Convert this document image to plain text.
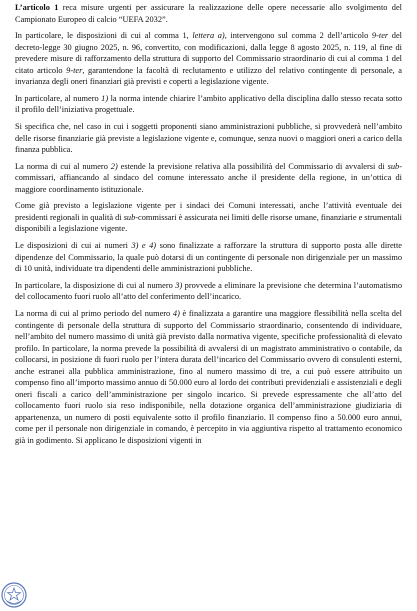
L’articolo 1 reca misure urgenti per assicurare la realizzazione delle opere necessarie allo svolgimento del Campionato Europeo di calcio “UEFA 2032”.

In particolare, le disposizioni di cui al comma 1, lettera a), intervengono sul comma 2 dell’articolo 9-ter del decreto-legge 30 giugno 2025, n. 96, convertito, con modificazioni, dalla legge 8 agosto 2025, n. 119, al fine di prevedere misure di rafforzamento della struttura di supporto del Commissario straordinario di cui al comma 1 del citato articolo 9-ter, garantendone la facoltà di reclutamento e utilizzo del relativo contingente di personale, a invarianza degli oneri finanziari già previsti e coperti a legislazione vigente.

In particolare, al numero 1) la norma intende chiarire l’ambito applicativo della disciplina dallo stesso recata sotto il profilo dell’iniziativa progettuale.

Si specifica che, nel caso in cui i soggetti proponenti siano amministrazioni pubbliche, si provvederà nell’ambito delle risorse finanziarie già previste a legislazione vigente e, comunque, senza nuovi o maggiori oneri a carico della finanza pubblica.

La norma di cui al numero 2) estende la previsione relativa alla possibilità del Commissario di avvalersi di sub-commissari, affiancando al sindaco del comune interessato anche il presidente della regione, in un’ottica di maggiore coordinamento istituzionale.

Come già previsto a legislazione vigente per i sindaci dei Comuni interessati, anche l’attività eventuale dei presidenti regionali in qualità di sub-commissari è assicurata nei limiti delle risorse umane, finanziarie e strumentali disponibili a legislazione vigente.

Le disposizioni di cui ai numeri 3) e 4) sono finalizzate a rafforzare la struttura di supporto posta alle dirette dipendenze del Commissario, la quale può dotarsi di un contingente di personale non dirigenziale per un massimo di 10 unità, individuate tra dipendenti delle amministrazioni pubbliche.

In particolare, la disposizione di cui al numero 3) provvede a eliminare la previsione che determina l’automatismo del collocamento fuori ruolo all’atto del conferimento dell’incarico.

La norma di cui al primo periodo del numero 4) è finalizzata a garantire una maggiore flessibilità nella scelta del contingente di personale della struttura di supporto del Commissario straordinario, consentendo di individuare, nell’ambito del numero massimo di unità già previsto dalla normativa vigente, specifiche professionalità di elevato profilo. In particolare, la norma prevede la possibilità di avvalersi di un magistrato amministrativo o contabile, da collocarsi, in posizione di fuori ruolo per l’intera durata dell’incarico del Commissario ovvero di consulenti esterni, anche estranei alla pubblica amministrazione, fino al numero massimo di tre, a cui può essere attribuito un compenso fino all’importo massimo annuo di 50.000 euro al lordo dei contributi previdenziali e assistenziali e degli oneri fiscali a carico dell’amministrazione per singolo incarico. Si prevede espressamente che all’atto del collocamento fuori ruolo sia reso indisponibile, nella dotazione organica dell’amministrazione giudiziaria di appartenenza, un numero di posti equivalente sotto il profilo finanziario. Il compenso fino a 50.000 euro annui, come per il personale non dirigenziale in comando, è percepito in via aggiuntiva rispetto al trattamento economico già in godimento. Si applicano le disposizioni vigenti in
